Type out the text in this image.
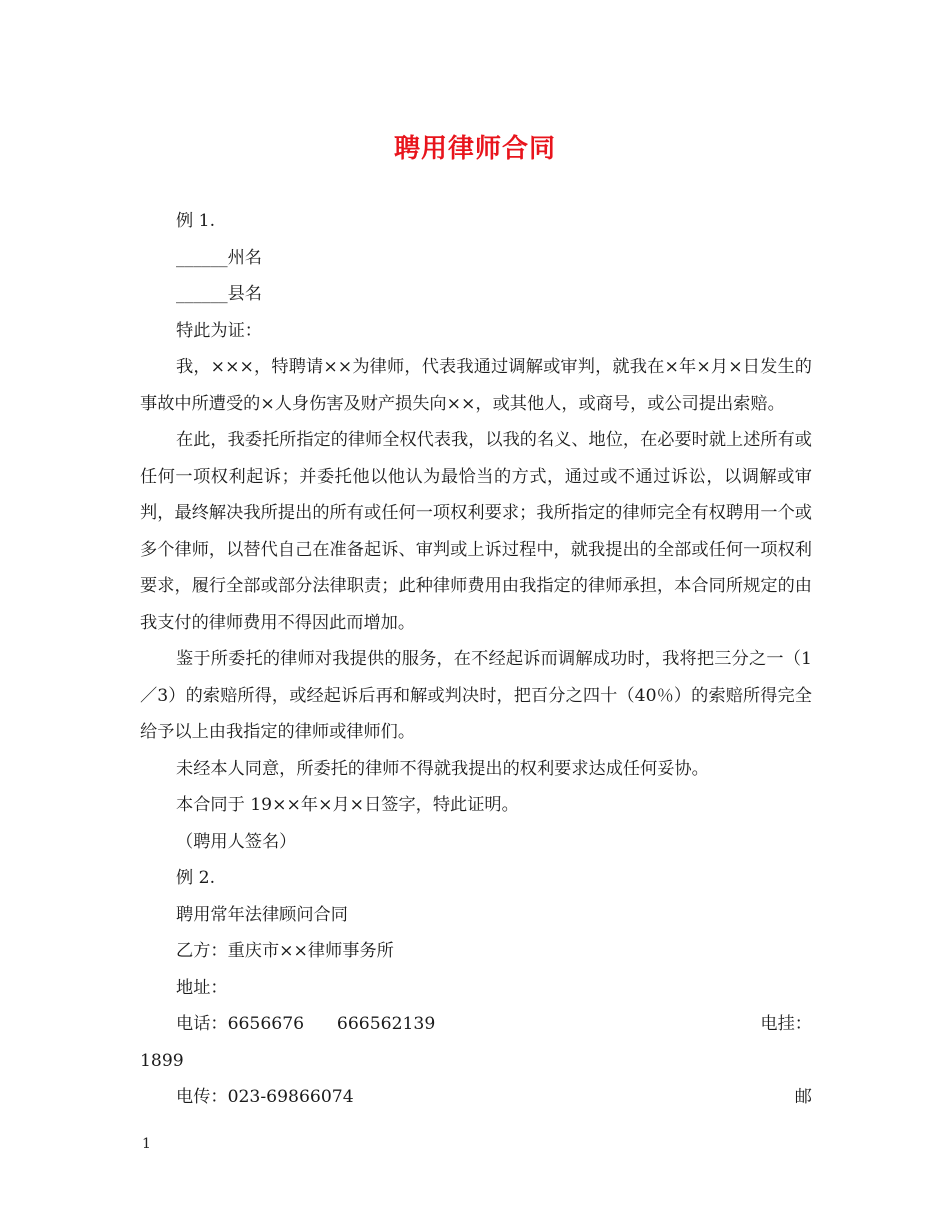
聘用律师合同

例 1.

______州名

______县名

特此为证：

我，×××，特聘请××为律师，代表我通过调解或审判，就我在×年×月×日发生的事故中所遭受的×人身伤害及财产损失向××，或其他人，或商号，或公司提出索赔。

在此，我委托所指定的律师全权代表我，以我的名义、地位，在必要时就上述所有或任何一项权利起诉；并委托他以他认为最恰当的方式，通过或不通过诉讼，以调解或审判，最终解决我所提出的所有或任何一项权利要求；我所指定的律师完全有权聘用一个或多个律师，以替代自己在准备起诉、审判或上诉过程中，就我提出的全部或任何一项权利要求，履行全部或部分法律职责；此种律师费用由我指定的律师承担，本合同所规定的由我支付的律师费用不得因此而增加。

鉴于所委托的律师对我提供的服务，在不经起诉而调解成功时，我将把三分之一（1／3）的索赔所得，或经起诉后再和解或判决时，把百分之四十（40％）的索赔所得完全给予以上由我指定的律师或律师们。

未经本人同意，所委托的律师不得就我提出的权利要求达成任何妥协。

本合同于 19××年×月×日签字，特此证明。

（聘用人签名）

例 2.

聘用常年法律顾问合同

乙方：重庆市××律师事务所

地址：

电话：6656676      666562139	电挂：

1899

电传：023-69866074	邮
1
